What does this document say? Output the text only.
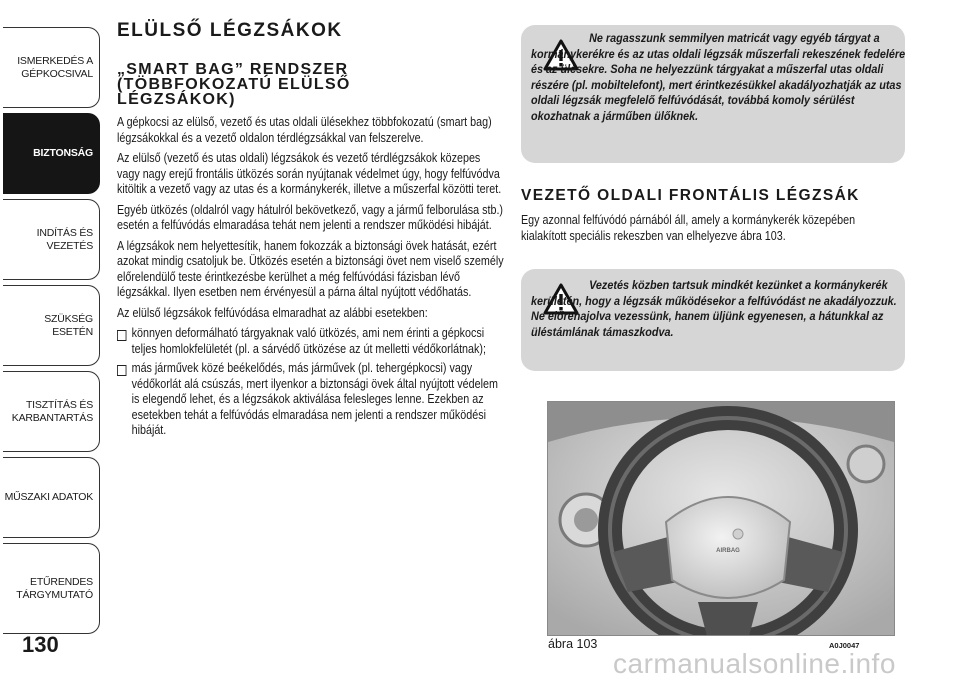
ISMERKEDÉS A GÉPKOCSIVAL
BIZTONSÁG
INDÍTÁS ÉS VEZETÉS
SZÜKSÉG ESETÉN
TISZTÍTÁS ÉS KARBANTARTÁS
MŰSZAKI ADATOK
ETŰRENDES TÁRGYMUTATÓ
130
ELÜLSŐ LÉGZSÁKOK
„SMART BAG” RENDSZER (TÖBBFOKOZATÚ ELÜLSŐ LÉGZSÁKOK)

A gépkocsi az elülső, vezető és utas oldali ülésekhez többfokozatú (smart bag) légzsákokkal és a vezető oldalon térdlégzsákkal van felszerelve.

Az elülső (vezető és utas oldali) légzsákok és vezető térdlégzsákok közepes vagy nagy erejű frontális ütközés során nyújtanak védelmet úgy, hogy felfúvódva kitöltik a vezető vagy az utas és a kormánykerék, illetve a műszerfal közötti teret.

Egyéb ütközés (oldalról vagy hátulról bekövetkező, vagy a jármű felborulása stb.) esetén a felfúvódás elmaradása tehát nem jelenti a rendszer működési hibáját.

A légzsákok nem helyettesítik, hanem fokozzák a biztonsági övek hatását, ezért azokat mindig csatoljuk be. Ütközés esetén a biztonsági övet nem viselő személy előrelendülő teste érintkezésbe kerülhet a még felfúvódási fázisban lévő légzsákkal. Ilyen esetben nem érvényesül a párna által nyújtott védőhatás.

Az elülső légzsákok felfúvódása elmaradhat az alábbi esetekben:

könnyen deformálható tárgyaknak való ütközés, ami nem érinti a gépkocsi teljes homlokfelületét (pl. a sárvédő ütközése az út melletti védőkorlátnak);
más járművek közé beékelődés, más járművek (pl. tehergépkocsi) vagy védőkorlát alá csúszás, mert ilyenkor a biztonsági övek által nyújtott védelem is elegendő lehet, és a légzsákok aktiválása felesleges lenne. Ezekben az esetekben tehát a felfúvódás elmaradása nem jelenti a rendszer működési hibáját.
Ne ragasszunk semmilyen matricát vagy egyéb tárgyat a kormánykerékre és az utas oldali légzsák műszerfali rekeszének fedelére és az ülésekre. Soha ne helyezzünk tárgyakat a műszerfal utas oldali részére (pl. mobiltelefont), mert érintkezésükkel akadályozhatják az utas oldali légzsák megfelelő felfúvódását, továbbá komoly sérülést okozhatnak a járműben ülőknek.
VEZETŐ OLDALI FRONTÁLIS LÉGZSÁK
Egy azonnal felfúvódó párnából áll, amely a kormánykerék közepében kialakított speciális rekeszben van elhelyezve ábra 103.
Vezetés közben tartsuk mindkét kezünket a kormánykerék kerületén, hogy a légzsák működésekor a felfúvódást ne akadályozzuk. Ne előrehajolva vezessünk, hanem üljünk egyenesen, a hátunkkal az üléstámlának támaszkodva.
AIRBAG
ábra 103	A0J0047
carmanualsonline.info
